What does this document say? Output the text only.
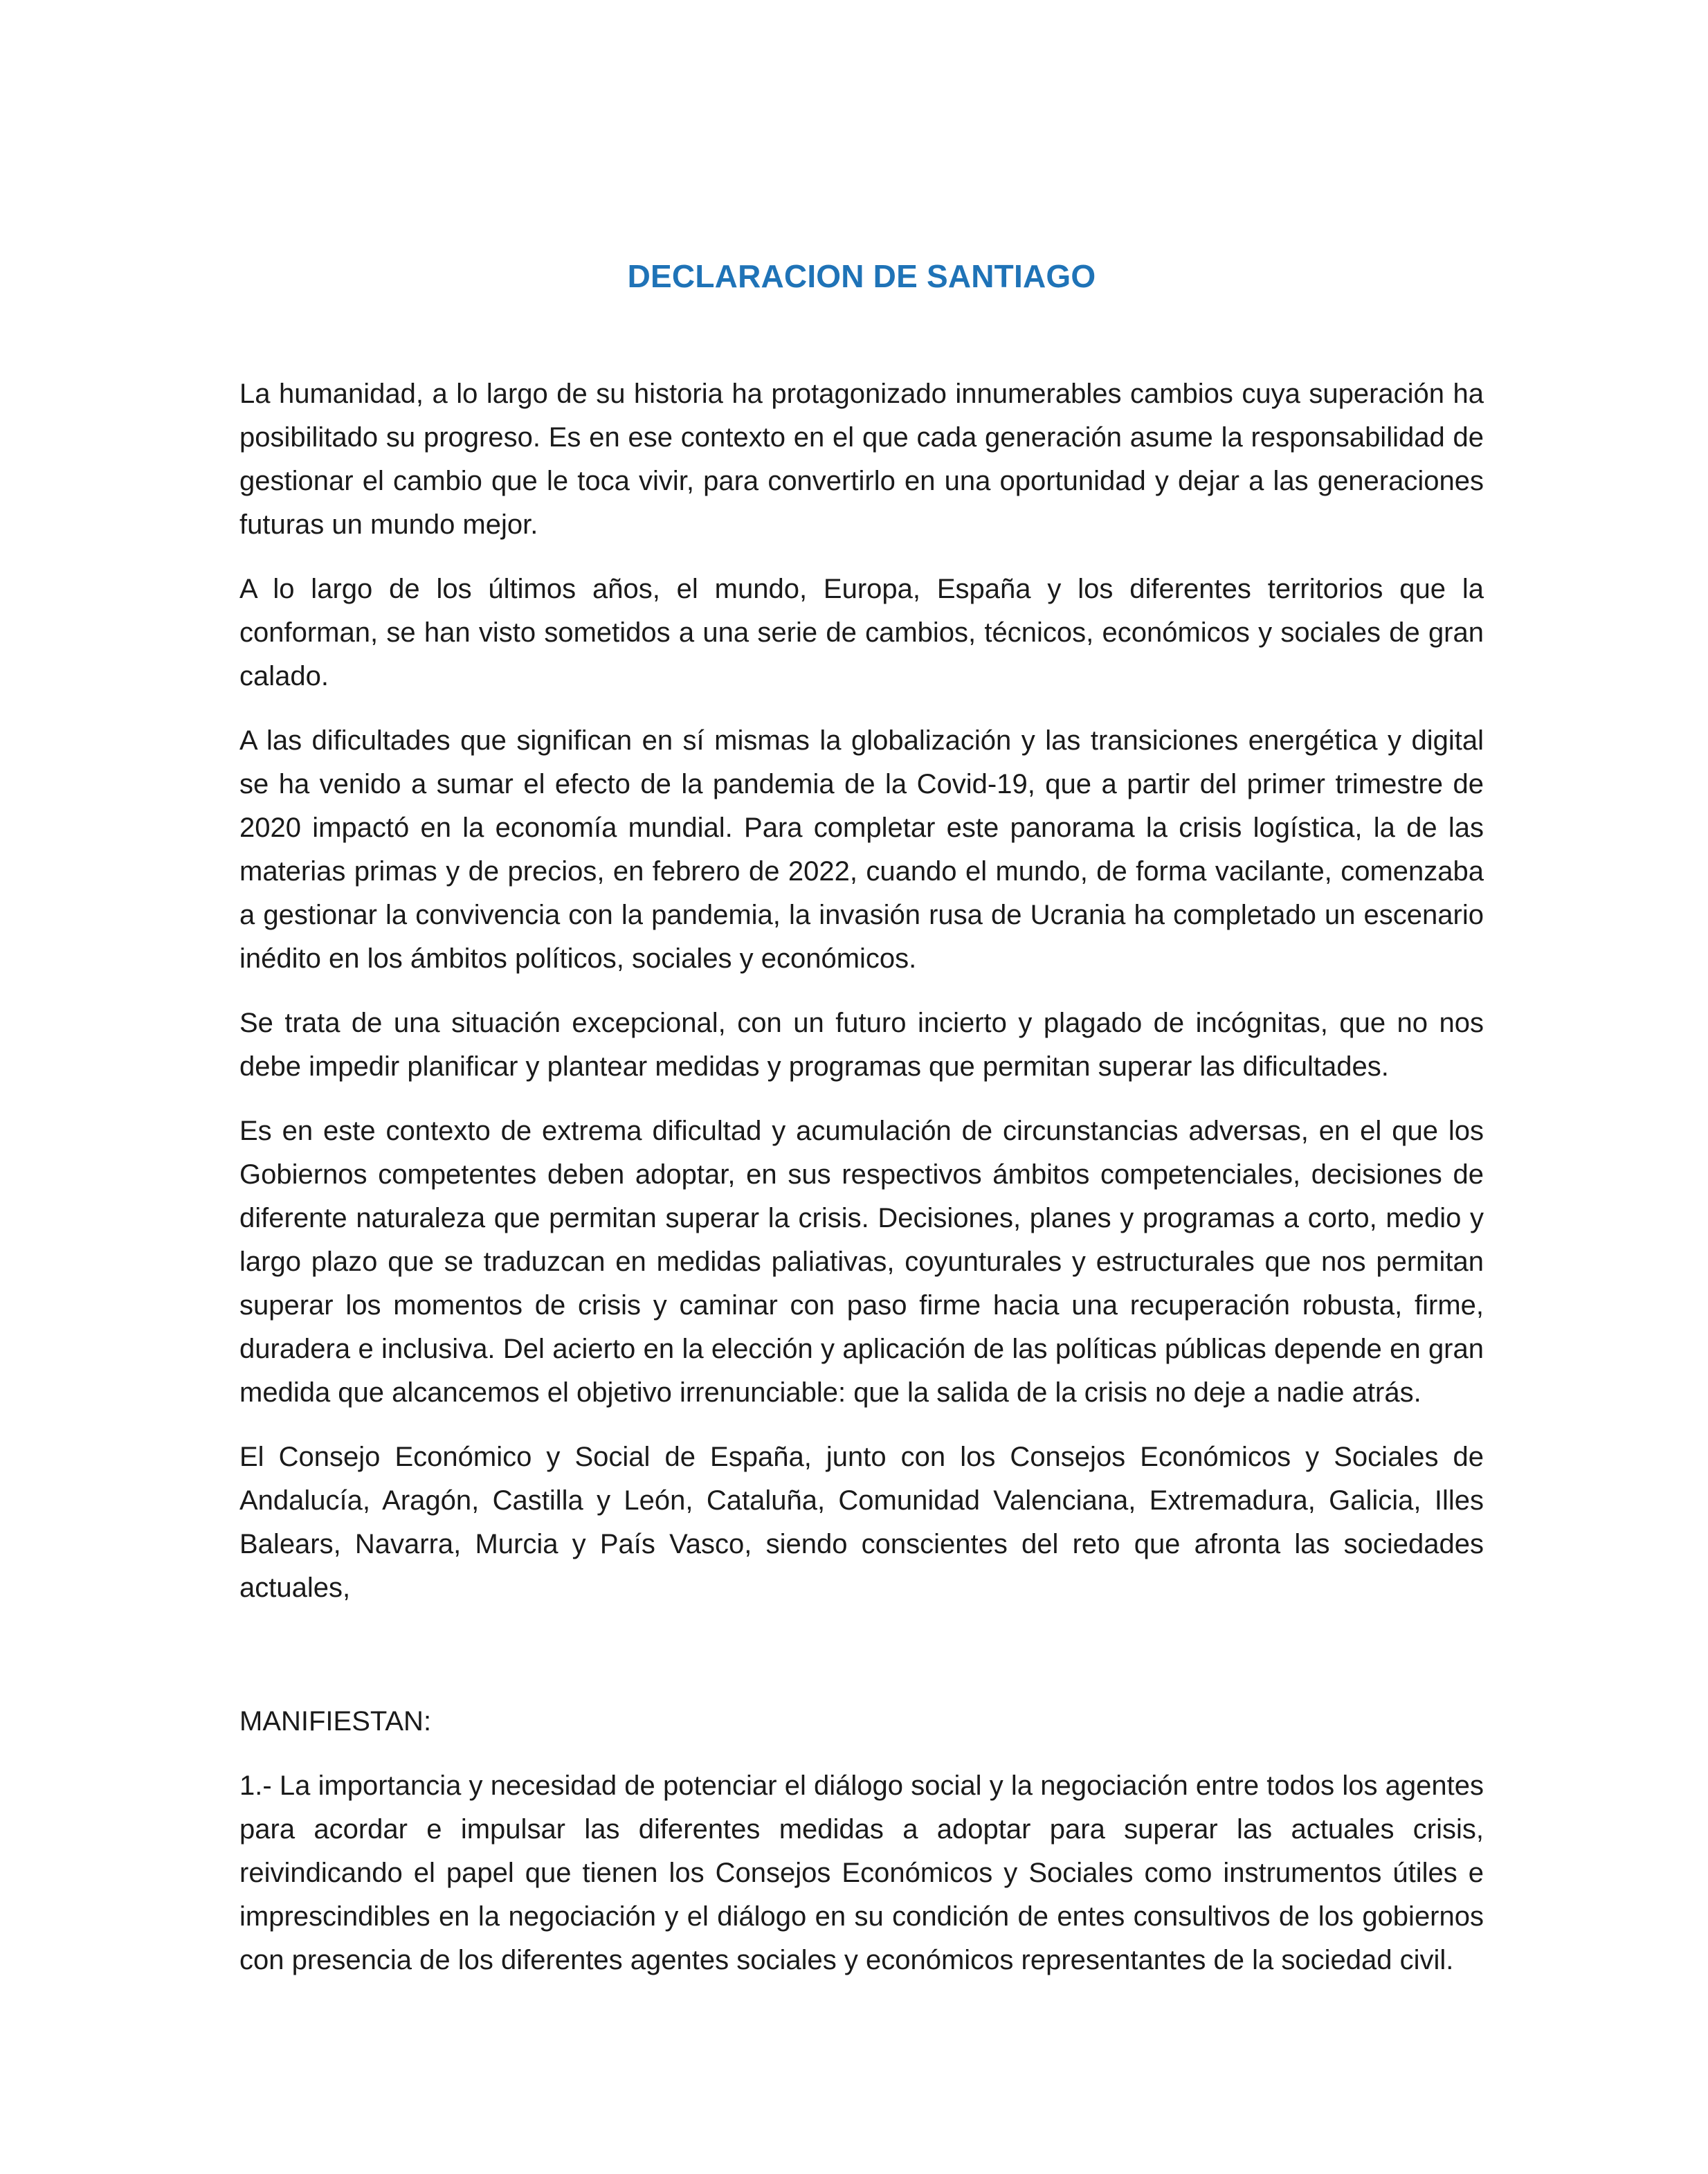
DECLARACION DE SANTIAGO

La humanidad, a lo largo de su historia ha protagonizado innumerables cambios cuya superación ha posibilitado su progreso. Es en ese contexto en el que cada generación asume la responsabilidad de gestionar el cambio que le toca vivir, para convertirlo en una oportunidad y dejar a las generaciones futuras un mundo mejor.

A lo largo de los últimos años, el mundo, Europa, España y los diferentes territorios que la conforman, se han visto sometidos a una serie de cambios, técnicos, económicos y sociales de gran calado.

A las dificultades que significan en sí mismas la globalización y las transiciones energética y digital se ha venido a sumar el efecto de la pandemia de la Covid-19, que a partir del primer trimestre de 2020 impactó en la economía mundial. Para completar este panorama la crisis logística, la de las materias primas y de precios, en febrero de 2022, cuando el mundo, de forma vacilante, comenzaba a gestionar la convivencia con la pandemia, la invasión rusa de Ucrania ha completado un escenario inédito en los ámbitos políticos, sociales y económicos.

Se trata de una situación excepcional, con un futuro incierto y plagado de incógnitas, que no nos debe impedir planificar y plantear medidas y programas que permitan superar las dificultades.

Es en este contexto de extrema dificultad y acumulación de circunstancias adversas, en el que los Gobiernos competentes deben adoptar, en sus respectivos ámbitos competenciales, decisiones de diferente naturaleza que permitan superar la crisis. Decisiones, planes y programas a corto, medio y largo plazo que se traduzcan en medidas paliativas, coyunturales y estructurales que nos permitan superar los momentos de crisis y caminar con paso firme hacia una recuperación robusta, firme, duradera e inclusiva. Del acierto en la elección y aplicación de las políticas públicas depende en gran medida que alcancemos el objetivo irrenunciable: que la salida de la crisis no deje a nadie atrás.

El Consejo Económico y Social de España, junto con los Consejos Económicos y Sociales de Andalucía, Aragón, Castilla y León, Cataluña, Comunidad Valenciana, Extremadura, Galicia, Illes Balears, Navarra, Murcia y País Vasco, siendo conscientes del reto que afronta las sociedades actuales,

MANIFIESTAN:

1.- La importancia y necesidad de potenciar el diálogo social y la negociación entre todos los agentes para acordar e impulsar las diferentes medidas a adoptar para superar las actuales crisis, reivindicando el papel que tienen los Consejos Económicos y Sociales como instrumentos útiles e imprescindibles en la negociación y el diálogo en su condición de entes consultivos de los gobiernos con presencia de los diferentes agentes sociales y económicos representantes de la sociedad civil.
